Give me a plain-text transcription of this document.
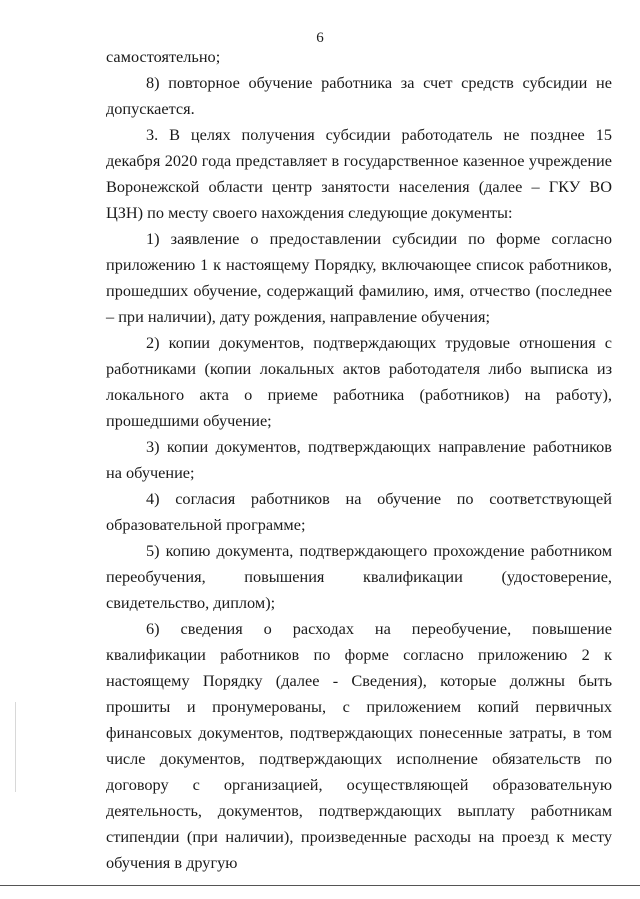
6

самостоятельно;

8) повторное обучение работника за счет средств субсидии не допускается.

3. В целях получения субсидии работодатель не позднее 15 декабря 2020 года представляет в государственное казенное учреждение Воронежской области центр занятости населения (далее – ГКУ ВО ЦЗН) по месту своего нахождения следующие документы:

1) заявление о предоставлении субсидии по форме согласно приложению 1 к настоящему Порядку, включающее список работников, прошедших обучение, содержащий фамилию, имя, отчество (последнее – при наличии), дату рождения, направление обучения;

2) копии документов, подтверждающих трудовые отношения с работниками (копии локальных актов работодателя либо выписка из локального акта о приеме работника (работников) на работу), прошедшими обучение;

3) копии документов, подтверждающих направление работников на обучение;

4) согласия работников на обучение по соответствующей образовательной программе;

5) копию документа, подтверждающего прохождение работником переобучения, повышения квалификации (удостоверение, свидетельство, диплом);

6) сведения о расходах на переобучение, повышение квалификации работников по форме согласно приложению 2 к настоящему Порядку (далее - Сведения), которые должны быть прошиты и пронумерованы, с приложением копий первичных финансовых документов, подтверждающих понесенные затраты, в том числе документов, подтверждающих исполнение обязательств по договору с организацией, осуществляющей образовательную деятельность, документов, подтверждающих выплату работникам стипендии (при наличии), произведенные расходы на проезд к месту обучения в другую
